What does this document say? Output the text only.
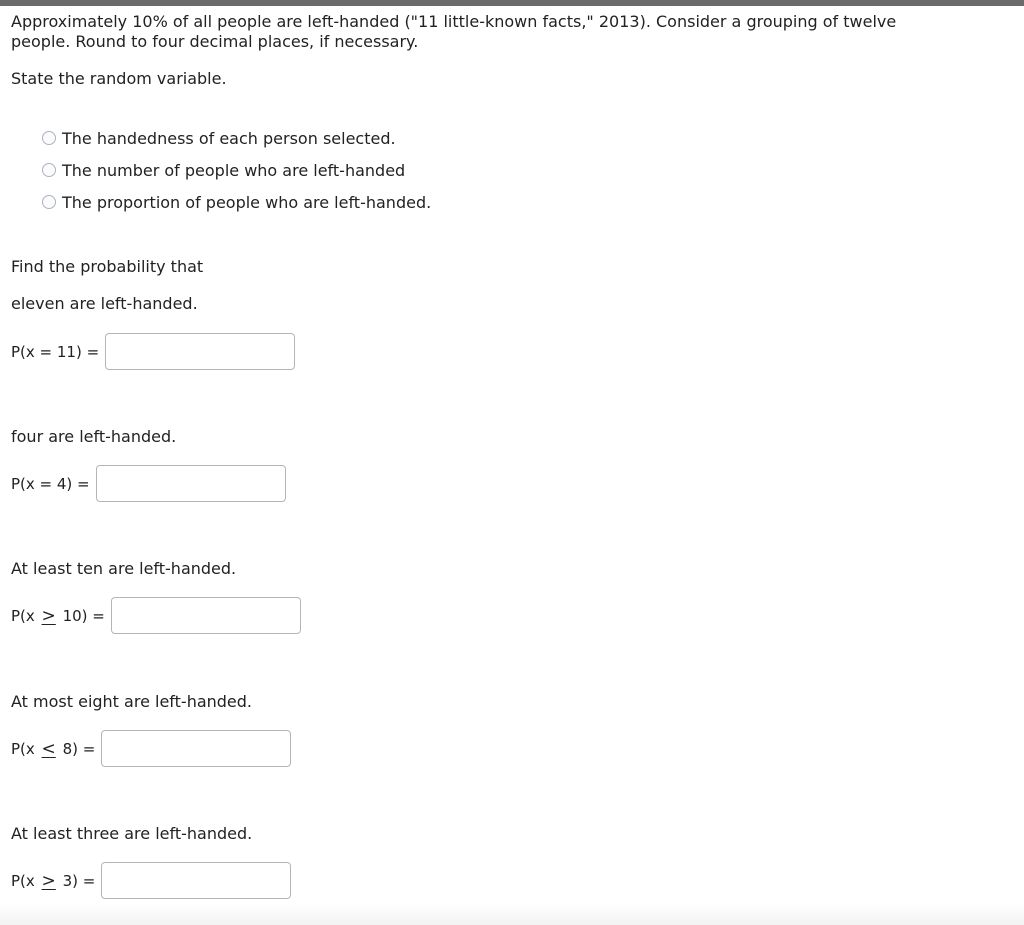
Approximately 10% of all people are left-handed ("11 little-known facts," 2013). Consider a grouping of twelve people. Round to four decimal places, if necessary.
State the random variable.
The handedness of each person selected.
The number of people who are left-handed
The proportion of people who are left-handed.
Find the probability that
eleven are left-handed.
P(x = 11) =
four are left-handed.
P(x = 4) =
At least ten are left-handed.
P(x ≥ 10) =
At most eight are left-handed.
P(x ≤ 8) =
At least three are left-handed.
P(x ≥ 3) =
